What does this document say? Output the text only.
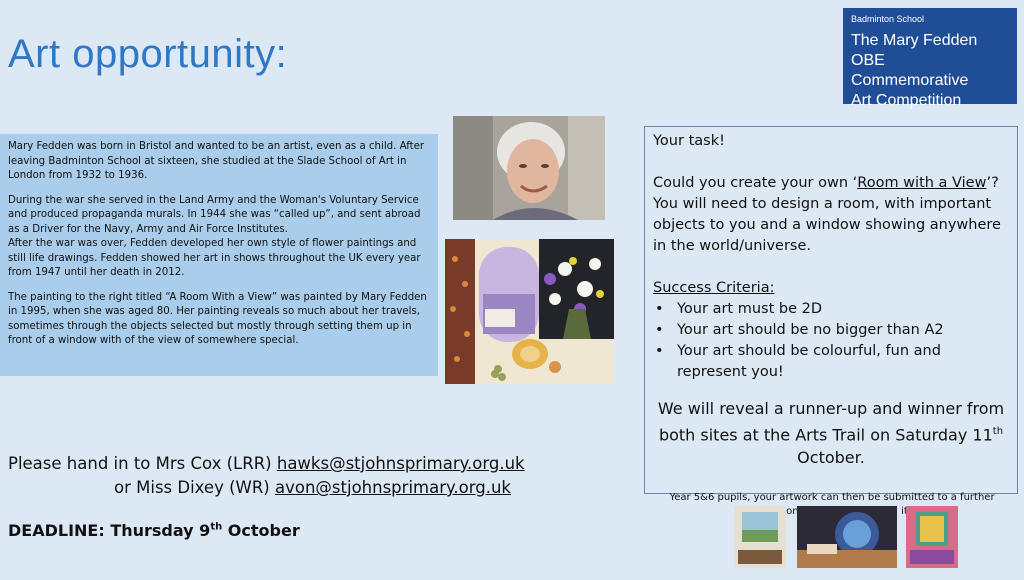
Art opportunity:
Badminton School
The Mary Fedden OBE
Commemorative
Art Competition

Mary Fedden was born in Bristol and wanted to be an artist, even as a child. After leaving Badminton School at sixteen, she studied at the Slade School of Art in London from 1932 to 1936.

During the war she served in the Land Army and the Woman's Voluntary Service and produced propaganda murals. In 1944 she was “called up”, and sent abroad as a Driver for the Navy, Army and Air Force Institutes.

After the war was over, Fedden developed her own style of flower paintings and still life drawings. Fedden showed her art in shows throughout the UK every year from 1947 until her death in 2012.

The painting to the right titled “A Room With a View” was painted by Mary Fedden in 1995, when she was aged 80. Her painting reveals so much about her travels, sometimes through the objects selected but mostly through setting them up in front of a window with of the view of somewhere special.

Your task!
Could you create your own ‘Room with a View’? You will need to design a room, with important objects to you and a window showing anywhere in the world/universe.
Success Criteria:
• Your art must be 2D
• Your art should be no bigger than A2
• Your art should be colourful, fun and represent you!
We will reveal a runner-up and winner from both sites at the Arts Trail on Saturday 11th October.
Please hand in to Mrs Cox (LRR) hawks@stjohnsprimary.org.uk
or Miss Dixey (WR) avon@stjohnsprimary.org.uk
DEADLINE: Thursday 9th October
Year 5&6 pupils, your artwork can then be submitted to a further it
